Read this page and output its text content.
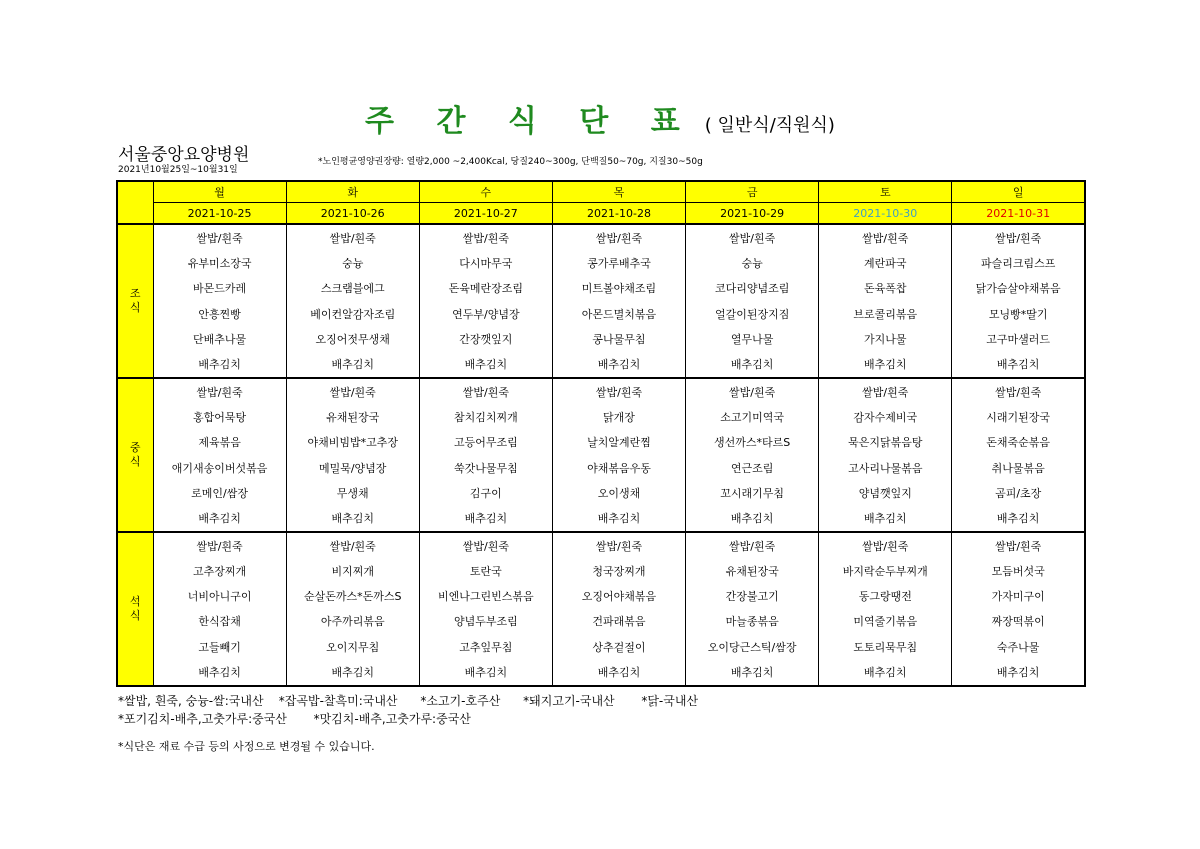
주 간 식 단 표 ( 일반식/직원식)
서울중앙요양병원
2021년10월25일~10월31일
*노인평균영양권장량: 열량2,000 ~2,400Kcal, 당질240~300g, 단백질50~70g, 지질30~50g
	월	화	수	목	금	토	일
	2021-10-25	2021-10-26	2021-10-27	2021-10-28	2021-10-29	2021-10-30	2021-10-31

조
식	쌀밥/흰죽	쌀밥/흰죽	쌀밥/흰죽	쌀밥/흰죽	쌀밥/흰죽	쌀밥/흰죽	쌀밥/흰죽
	유부미소장국	숭늉	다시마무국	콩가루배추국	숭늉	계란파국	파슬리크림스프
	바몬드카레	스크램블에그	돈육메란장조림	미트볼야채조림	코다리양념조림	돈육폭찹	닭가슴살야채볶음
	안흥찐빵	베이컨알감자조림	연두부/양념장	아몬드멸치볶음	얼갈이된장지짐	브로콜리볶음	모닝빵*딸기
	단배추나물	오징어젓무생채	간장깻잎지	콩나물무침	열무나물	가지나물	고구마샐러드
	배추김치	배추김치	배추김치	배추김치	배추김치	배추김치	배추김치

중
식	쌀밥/흰죽	쌀밥/흰죽	쌀밥/흰죽	쌀밥/흰죽	쌀밥/흰죽	쌀밥/흰죽	쌀밥/흰죽
	홍합어묵탕	유채된장국	참치김치찌개	닭개장	소고기미역국	감자수제비국	시래기된장국
	제육볶음	야채비빔밥*고추장	고등어무조림	날치알계란찜	생선까스*타르S	묵은지닭볶음탕	돈채죽순볶음
	애기새송이버섯볶음	메밀묵/양념장	쑥갓나물무침	야채볶음우동	연근조림	고사리나물볶음	취나물볶음
	로메인/쌈장	무생채	김구이	오이생채	꼬시래기무침	양념깻잎지	곰피/초장
	배추김치	배추김치	배추김치	배추김치	배추김치	배추김치	배추김치

석
식	쌀밥/흰죽	쌀밥/흰죽	쌀밥/흰죽	쌀밥/흰죽	쌀밥/흰죽	쌀밥/흰죽	쌀밥/흰죽
	고추장찌개	비지찌개	토란국	청국장찌개	유채된장국	바지락순두부찌개	모듬버섯국
	너비아니구이	순살돈까스*돈까스S	비엔나그린빈스볶음	오징어야채볶음	간장불고기	동그랑땡전	가자미구이
	한식잡채	아주까리볶음	양념두부조림	건파래볶음	마늘종볶음	미역줄기볶음	짜장떡볶이
	고들빼기	오이지무침	고추잎무침	상추겉절이	오이당근스틱/쌈장	도토리묵무침	숙주나물
	배추김치	배추김치	배추김치	배추김치	배추김치	배추김치	배추김치
*쌀밥, 흰죽, 숭늉-쌀:국내산    *잡곡밥-찰흑미:국내산      *소고기-호주산      *돼지고기-국내산       *닭-국내산
*포기김치-배추,고춧가루:중국산       *맛김치-배추,고춧가루:중국산
*식단은 재료 수급 등의 사정으로 변경될 수 있습니다.
